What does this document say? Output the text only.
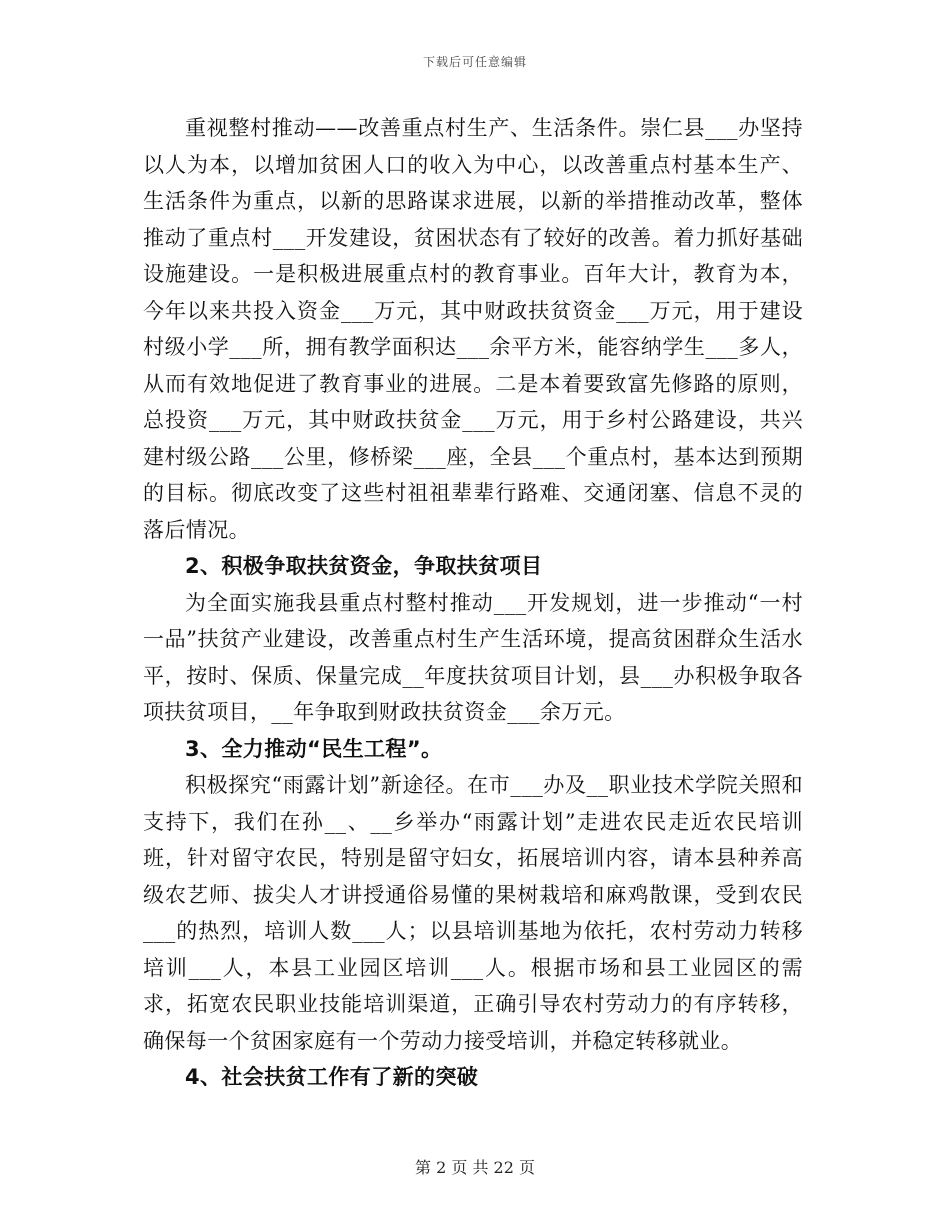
下载后可任意编辑

重视整村推动——改善重点村生产、生活条件。崇仁县___办坚持以人为本，以增加贫困人口的收入为中心，以改善重点村基本生产、生活条件为重点，以新的思路谋求进展，以新的举措推动改革，整体推动了重点村___开发建设，贫困状态有了较好的改善。着力抓好基础设施建设。一是积极进展重点村的教育事业。百年大计，教育为本，今年以来共投入资金___万元，其中财政扶贫资金___万元，用于建设村级小学___所，拥有教学面积达___余平方米，能容纳学生___多人，从而有效地促进了教育事业的进展。二是本着要致富先修路的原则，总投资___万元，其中财政扶贫金___万元，用于乡村公路建设，共兴建村级公路___公里，修桥梁___座，全县___个重点村，基本达到预期的目标。彻底改变了这些村祖祖辈辈行路难、交通闭塞、信息不灵的落后情况。

2、积极争取扶贫资金，争取扶贫项目

为全面实施我县重点村整村推动___开发规划，进一步推动“一村一品”扶贫产业建设，改善重点村生产生活环境，提高贫困群众生活水平，按时、保质、保量完成__年度扶贫项目计划，县___办积极争取各项扶贫项目，__年争取到财政扶贫资金___余万元。

3、全力推动“民生工程”。

积极探究“雨露计划”新途径。在市___办及__职业技术学院关照和支持下，我们在孙__、__乡举办“雨露计划”走进农民走近农民培训班，针对留守农民，特别是留守妇女，拓展培训内容，请本县种养高级农艺师、拔尖人才讲授通俗易懂的果树栽培和麻鸡散课，受到农民___的热烈，培训人数___人；以县培训基地为依托，农村劳动力转移培训___人，本县工业园区培训___人。根据市场和县工业园区的需求，拓宽农民职业技能培训渠道，正确引导农村劳动力的有序转移，确保每一个贫困家庭有一个劳动力接受培训，并稳定转移就业。

4、社会扶贫工作有了新的突破

第 2 页 共 22 页
